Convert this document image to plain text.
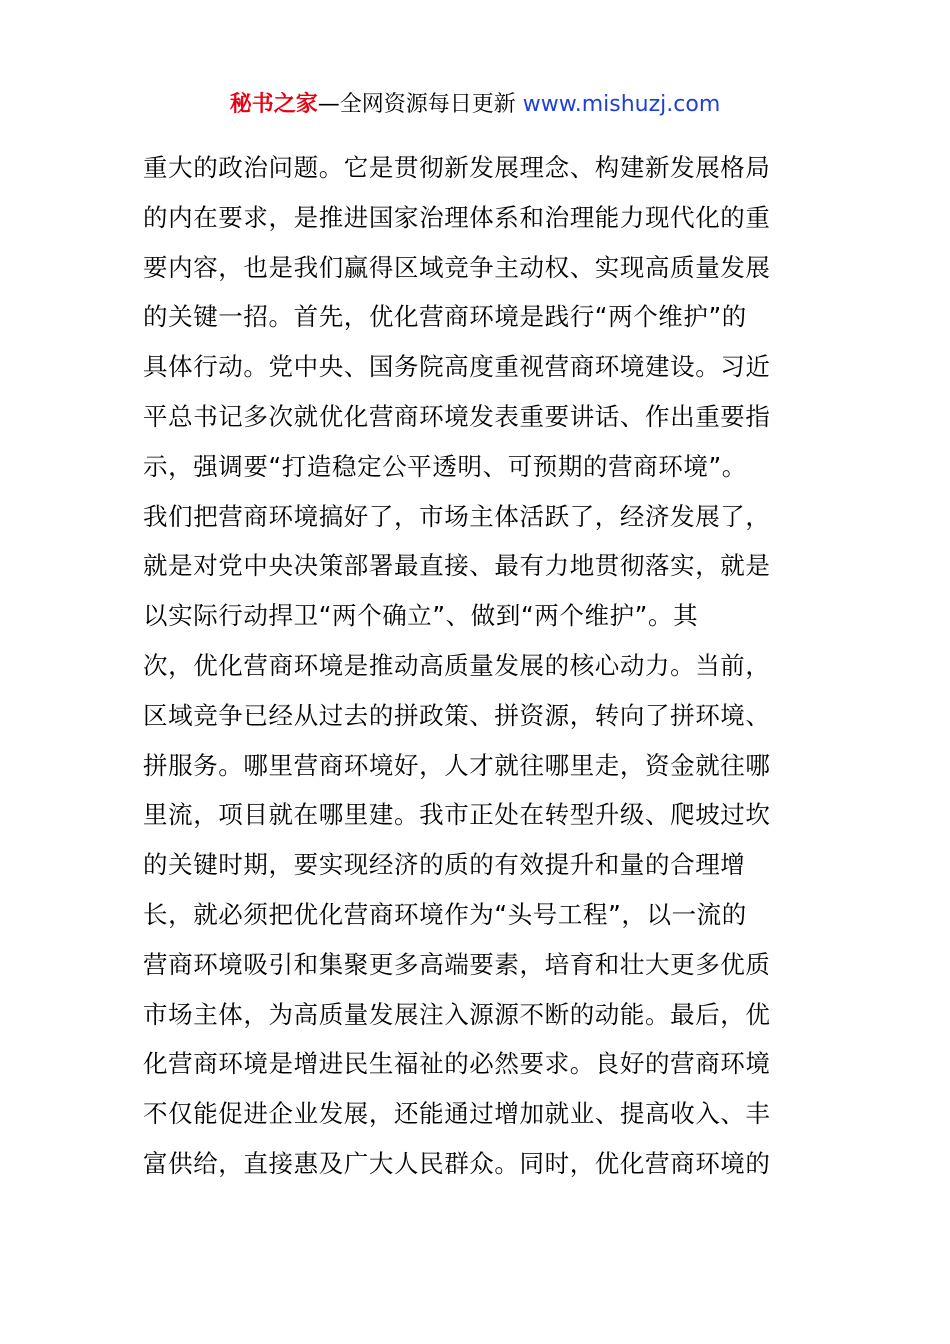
秘书之家—全网资源每日更新 www.mishuzj.com
重大的政治问题。它是贯彻新发展理念、构建新发展格局
的内在要求，是推进国家治理体系和治理能力现代化的重
要内容，也是我们赢得区域竞争主动权、实现高质量发展
的关键一招。首先，优化营商环境是践行“两个维护”的
具体行动。党中央、国务院高度重视营商环境建设。习近
平总书记多次就优化营商环境发表重要讲话、作出重要指
示，强调要“打造稳定公平透明、可预期的营商环境”。
我们把营商环境搞好了，市场主体活跃了，经济发展了，
就是对党中央决策部署最直接、最有力地贯彻落实，就是
以实际行动捍卫“两个确立”、做到“两个维护”。其
次，优化营商环境是推动高质量发展的核心动力。当前，
区域竞争已经从过去的拼政策、拼资源，转向了拼环境、
拼服务。哪里营商环境好，人才就往哪里走，资金就往哪
里流，项目就在哪里建。我市正处在转型升级、爬坡过坎
的关键时期，要实现经济的质的有效提升和量的合理增
长，就必须把优化营商环境作为“头号工程”，以一流的
营商环境吸引和集聚更多高端要素，培育和壮大更多优质
市场主体，为高质量发展注入源源不断的动能。最后，优
化营商环境是增进民生福祉的必然要求。良好的营商环境
不仅能促进企业发展，还能通过增加就业、提高收入、丰
富供给，直接惠及广大人民群众。同时，优化营商环境的
